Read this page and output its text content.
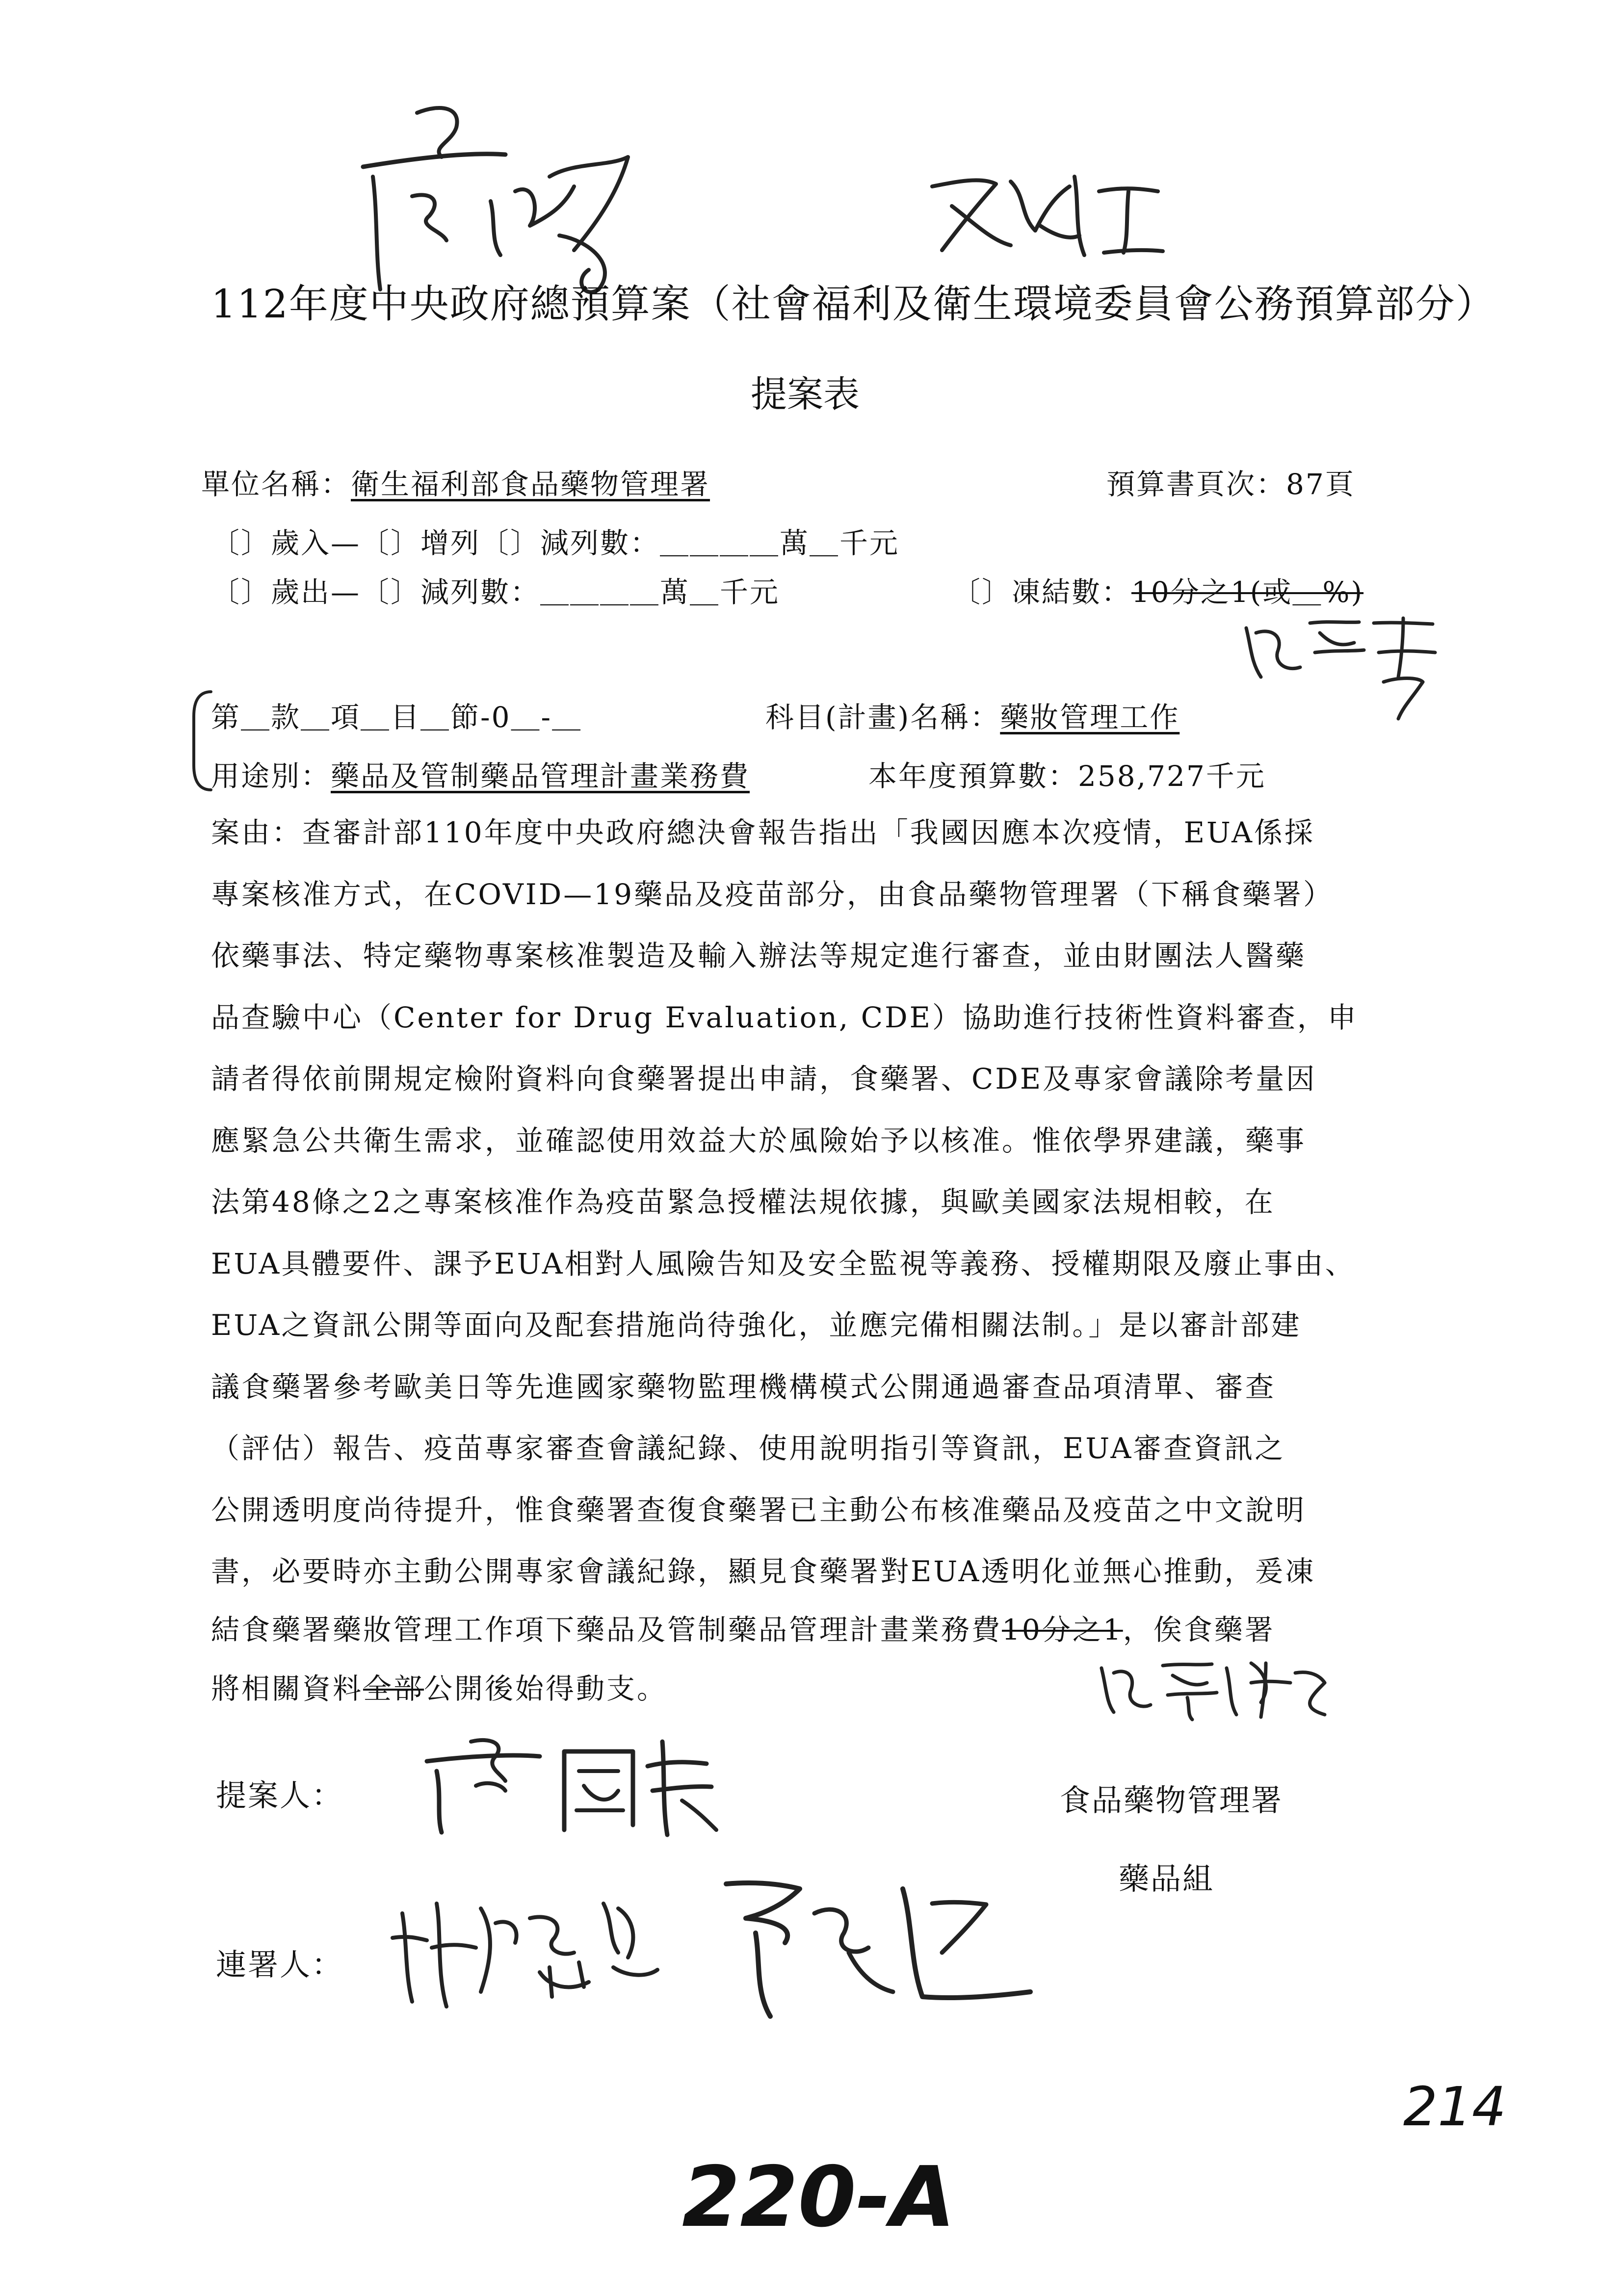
112年度中央政府總預算案（社會福利及衛生環境委員會公務預算部分）
提案表
單位名稱：衛生福利部食品藥物管理署	預算書頁次：87頁
〔〕歲入—〔〕增列〔〕減列數：＿＿＿＿萬＿千元
〔〕歲出—〔〕減列數：＿＿＿＿萬＿千元	〔〕凍結數：10分之1(或＿%)
第＿款＿項＿目＿節-0＿-＿	科目(計畫)名稱：藥妝管理工作
用途別：藥品及管制藥品管理計畫業務費	本年度預算數：258,727千元
案由：查審計部110年度中央政府總決會報告指出「我國因應本次疫情，EUA係採
專案核准方式，在COVID—19藥品及疫苗部分，由食品藥物管理署（下稱食藥署）
依藥事法、特定藥物專案核准製造及輸入辦法等規定進行審查，並由財團法人醫藥
品查驗中心（Center for Drug Evaluation, CDE）協助進行技術性資料審查，申
請者得依前開規定檢附資料向食藥署提出申請，食藥署、CDE及專家會議除考量因
應緊急公共衛生需求，並確認使用效益大於風險始予以核准。惟依學界建議，藥事
法第48條之2之專案核准作為疫苗緊急授權法規依據，與歐美國家法規相較，在
EUA具體要件、課予EUA相對人風險告知及安全監視等義務、授權期限及廢止事由、
EUA之資訊公開等面向及配套措施尚待強化，並應完備相關法制。」是以審計部建
議食藥署參考歐美日等先進國家藥物監理機構模式公開通過審查品項清單、審查
（評估）報告、疫苗專家審查會議紀錄、使用說明指引等資訊，EUA審查資訊之
公開透明度尚待提升，惟食藥署查復食藥署已主動公布核准藥品及疫苗之中文說明
書，必要時亦主動公開專家會議紀錄，顯見食藥署對EUA透明化並無心推動，爰凍
結食藥署藥妝管理工作項下藥品及管制藥品管理計畫業務費10分之1，俟食藥署
將相關資料全部公開後始得動支。
提案人：
連署人：
食品藥物管理署
藥品組
214
220-A
